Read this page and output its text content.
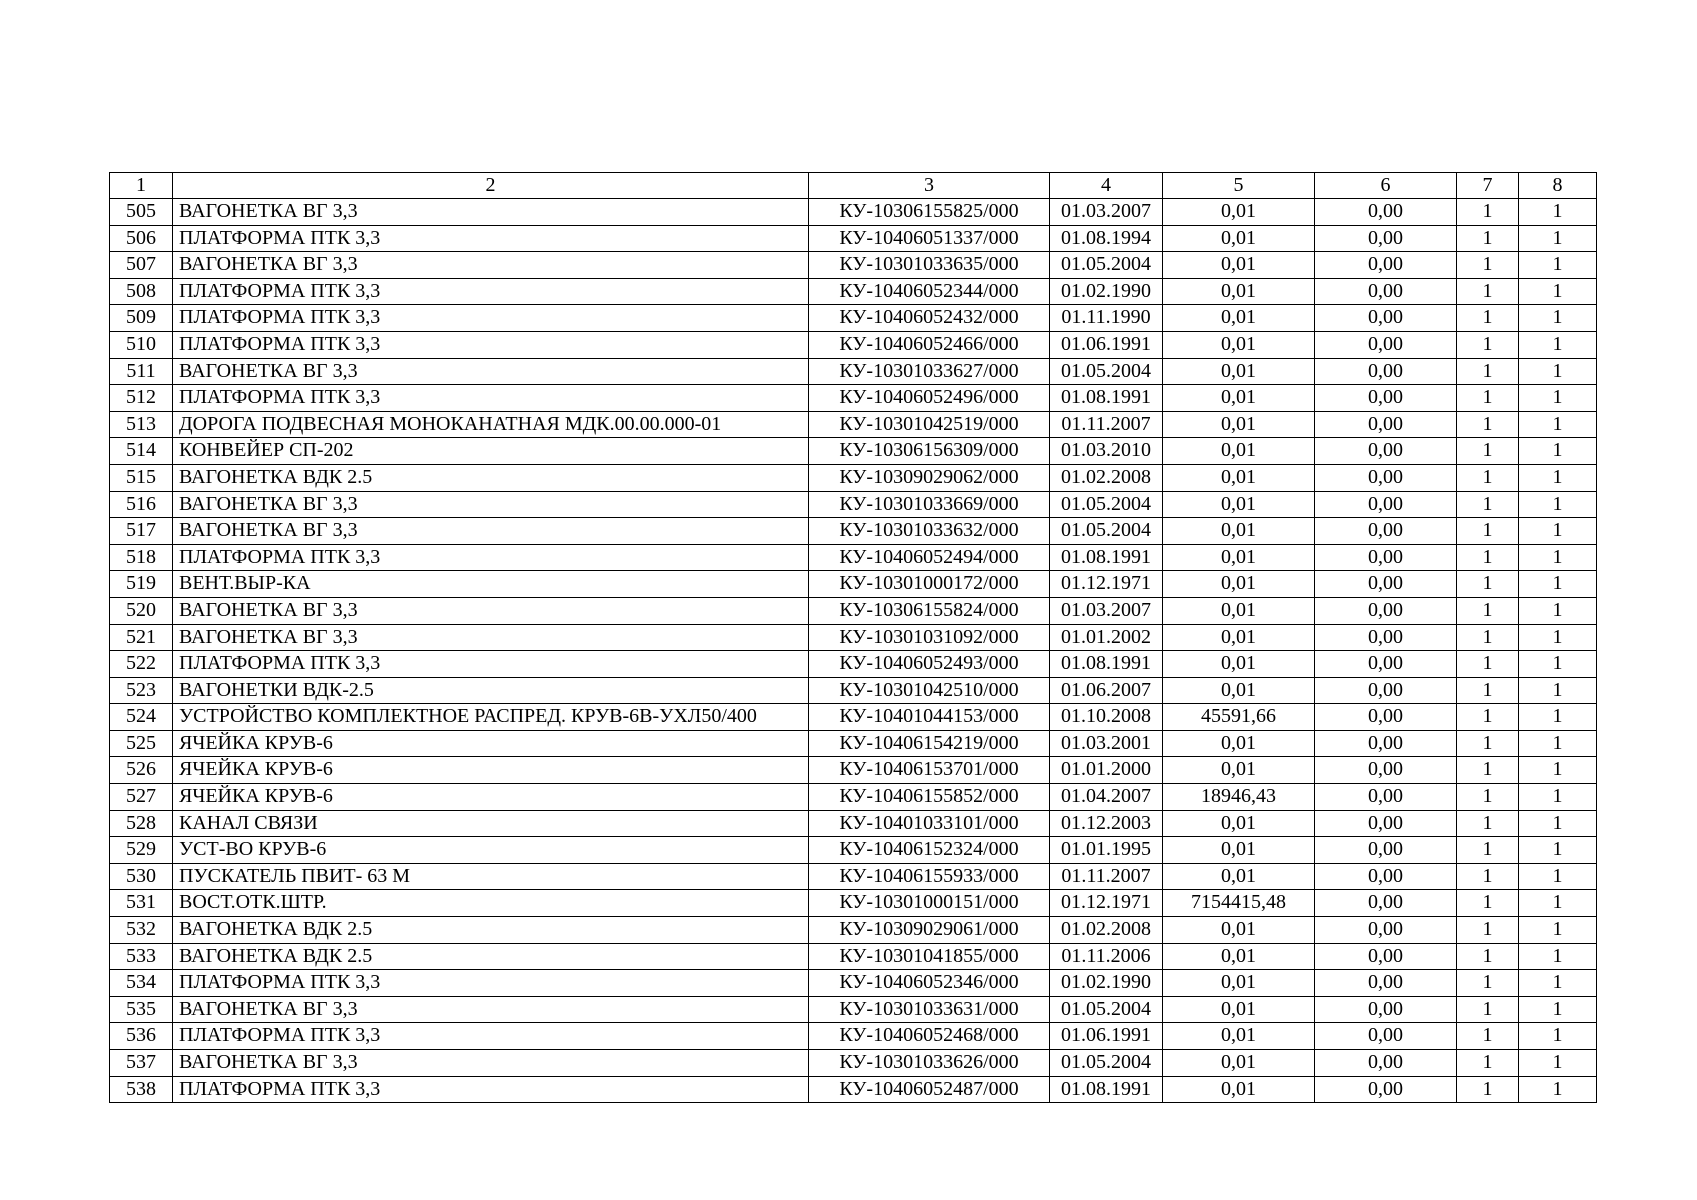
1	2	3	4	5	6	7	8
505	ВАГОНЕТКА ВГ 3,3	КУ-10306155825/000	01.03.2007	0,01	0,00	1	1
506	ПЛАТФОРМА ПТК 3,3	КУ-10406051337/000	01.08.1994	0,01	0,00	1	1
507	ВАГОНЕТКА ВГ 3,3	КУ-10301033635/000	01.05.2004	0,01	0,00	1	1
508	ПЛАТФОРМА ПТК 3,3	КУ-10406052344/000	01.02.1990	0,01	0,00	1	1
509	ПЛАТФОРМА ПТК 3,3	КУ-10406052432/000	01.11.1990	0,01	0,00	1	1
510	ПЛАТФОРМА ПТК 3,3	КУ-10406052466/000	01.06.1991	0,01	0,00	1	1
511	ВАГОНЕТКА ВГ 3,3	КУ-10301033627/000	01.05.2004	0,01	0,00	1	1
512	ПЛАТФОРМА ПТК 3,3	КУ-10406052496/000	01.08.1991	0,01	0,00	1	1
513	ДОРОГА ПОДВЕСНАЯ МОНОКАНАТНАЯ МДК.00.00.000-01	КУ-10301042519/000	01.11.2007	0,01	0,00	1	1
514	КОНВЕЙЕР СП-202	КУ-10306156309/000	01.03.2010	0,01	0,00	1	1
515	ВАГОНЕТКА ВДК 2.5	КУ-10309029062/000	01.02.2008	0,01	0,00	1	1
516	ВАГОНЕТКА ВГ 3,3	КУ-10301033669/000	01.05.2004	0,01	0,00	1	1
517	ВАГОНЕТКА ВГ 3,3	КУ-10301033632/000	01.05.2004	0,01	0,00	1	1
518	ПЛАТФОРМА ПТК 3,3	КУ-10406052494/000	01.08.1991	0,01	0,00	1	1
519	ВЕНТ.ВЫР-КА	КУ-10301000172/000	01.12.1971	0,01	0,00	1	1
520	ВАГОНЕТКА ВГ 3,3	КУ-10306155824/000	01.03.2007	0,01	0,00	1	1
521	ВАГОНЕТКА ВГ 3,3	КУ-10301031092/000	01.01.2002	0,01	0,00	1	1
522	ПЛАТФОРМА ПТК 3,3	КУ-10406052493/000	01.08.1991	0,01	0,00	1	1
523	ВАГОНЕТКИ ВДК-2.5	КУ-10301042510/000	01.06.2007	0,01	0,00	1	1
524	УСТРОЙСТВО КОМПЛЕКТНОЕ РАСПРЕД. КРУВ-6В-УХЛ50/400	КУ-10401044153/000	01.10.2008	45591,66	0,00	1	1
525	ЯЧЕЙКА КРУВ-6	КУ-10406154219/000	01.03.2001	0,01	0,00	1	1
526	ЯЧЕЙКА КРУВ-6	КУ-10406153701/000	01.01.2000	0,01	0,00	1	1
527	ЯЧЕЙКА КРУВ-6	КУ-10406155852/000	01.04.2007	18946,43	0,00	1	1
528	КАНАЛ СВЯЗИ	КУ-10401033101/000	01.12.2003	0,01	0,00	1	1
529	УСТ-ВО КРУВ-6	КУ-10406152324/000	01.01.1995	0,01	0,00	1	1
530	ПУСКАТЕЛЬ ПВИТ- 63 М	КУ-10406155933/000	01.11.2007	0,01	0,00	1	1
531	ВОСТ.ОТК.ШТР.	КУ-10301000151/000	01.12.1971	7154415,48	0,00	1	1
532	ВАГОНЕТКА ВДК 2.5	КУ-10309029061/000	01.02.2008	0,01	0,00	1	1
533	ВАГОНЕТКА ВДК 2.5	КУ-10301041855/000	01.11.2006	0,01	0,00	1	1
534	ПЛАТФОРМА ПТК 3,3	КУ-10406052346/000	01.02.1990	0,01	0,00	1	1
535	ВАГОНЕТКА ВГ 3,3	КУ-10301033631/000	01.05.2004	0,01	0,00	1	1
536	ПЛАТФОРМА ПТК 3,3	КУ-10406052468/000	01.06.1991	0,01	0,00	1	1
537	ВАГОНЕТКА ВГ 3,3	КУ-10301033626/000	01.05.2004	0,01	0,00	1	1
538	ПЛАТФОРМА ПТК 3,3	КУ-10406052487/000	01.08.1991	0,01	0,00	1	1
